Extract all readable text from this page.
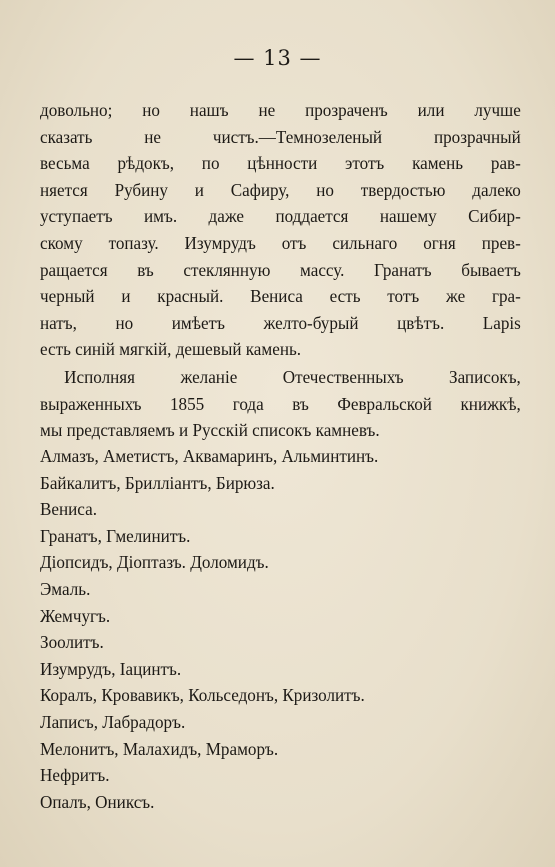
— 13 —
довольно; но нашъ не прозраченъ или лучше
сказать не чистъ.—Темнозеленый прозрачный
весьма рѣдокъ, по цѣнности этотъ камень рав-
няется Рубину и Сафиру, но твердостью далеко
уступаетъ имъ. даже поддается нашему Сибир-
скому топазу. Изумрудъ отъ сильнаго огня прев-
ращается въ стеклянную массу. Гранатъ бываетъ
черный и красный. Вениса есть тотъ же гра-
натъ, но имѣетъ желто-бурый цвѣтъ. Lapis
есть синій мягкій, дешевый камень.
Исполняя желаніе Отечественныхъ Записокъ,
выраженныхъ 1855 года въ Февральской книжкѣ,
мы представляемъ и Русскій списокъ камневъ.
Алмазъ, Аметистъ, Аквамаринъ, Альминтинъ.
Байкалитъ, Бриллiантъ, Бирюза.
Вениса.
Гранатъ, Гмелинитъ.
Діопсидъ, Діоптазъ. Доломидъ.
Эмаль.
Жемчугъ.
Зоолитъ.
Изумрудъ, Іацинтъ.
Коралъ, Кровавикъ, Кольседонъ, Кризолитъ.
Лаписъ, Лабрадоръ.
Мелонитъ, Малахидъ, Мраморъ.
Нефритъ.
Опалъ, Ониксъ.
